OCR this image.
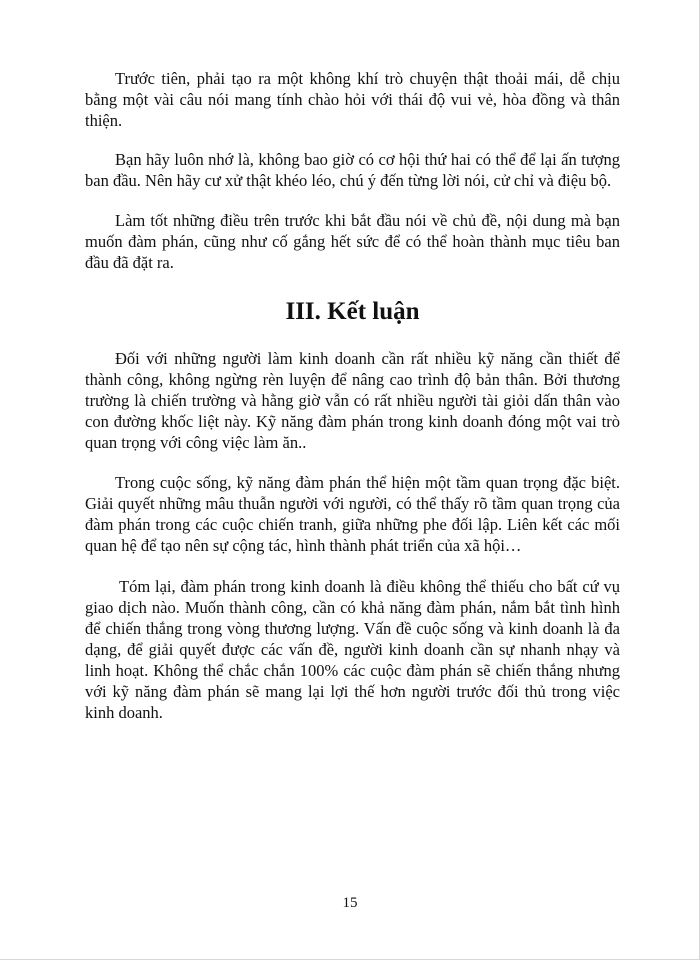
Trước tiên, phải tạo ra một không khí trò chuyện thật thoải mái, dễ chịu bằng một vài câu nói mang tính chào hỏi với thái độ vui vẻ, hòa đồng và thân thiện.

Bạn hãy luôn nhớ là, không bao giờ có cơ hội thứ hai có thể để lại ấn tượng ban đầu. Nên hãy cư xử thật khéo léo, chú ý đến từng lời nói, cử chỉ và điệu bộ.

Làm tốt những điều trên trước khi bắt đầu nói về chủ đề, nội dung mà bạn muốn đàm phán, cũng như cố gắng hết sức để có thể hoàn thành mục tiêu ban đầu đã đặt ra.

III. Kết luận

Đối với những người làm kinh doanh cần rất nhiều kỹ năng cần thiết để thành công, không ngừng rèn luyện để nâng cao trình độ bản thân. Bởi thương trường là chiến trường và hằng giờ vẫn có rất nhiều người tài giỏi dấn thân vào con đường khốc liệt này. Kỹ năng đàm phán trong kinh doanh đóng một vai trò quan trọng với công việc làm ăn..

Trong cuộc sống, kỹ năng đàm phán thể hiện một tầm quan trọng đặc biệt. Giải quyết những mâu thuẫn người với người, có thể thấy rõ tầm quan trọng của đàm phán trong các cuộc chiến tranh, giữa những phe đối lập. Liên kết các mối quan hệ để tạo nên sự cộng tác, hình thành phát triển của xã hội…

Tóm lại, đàm phán trong kinh doanh là điều không thể thiếu cho bất cứ vụ giao dịch nào. Muốn thành công, cần có khả năng đàm phán, nắm bắt tình hình để chiến thắng trong vòng thương lượng. Vấn đề cuộc sống và kinh doanh là đa dạng, để giải quyết được các vấn đề, người kinh doanh cần sự nhanh nhạy và linh hoạt. Không thể chắc chắn 100% các cuộc đàm phán sẽ chiến thắng nhưng với kỹ năng đàm phán sẽ mang lại lợi thế hơn người trước đối thủ trong việc kinh doanh.

15
